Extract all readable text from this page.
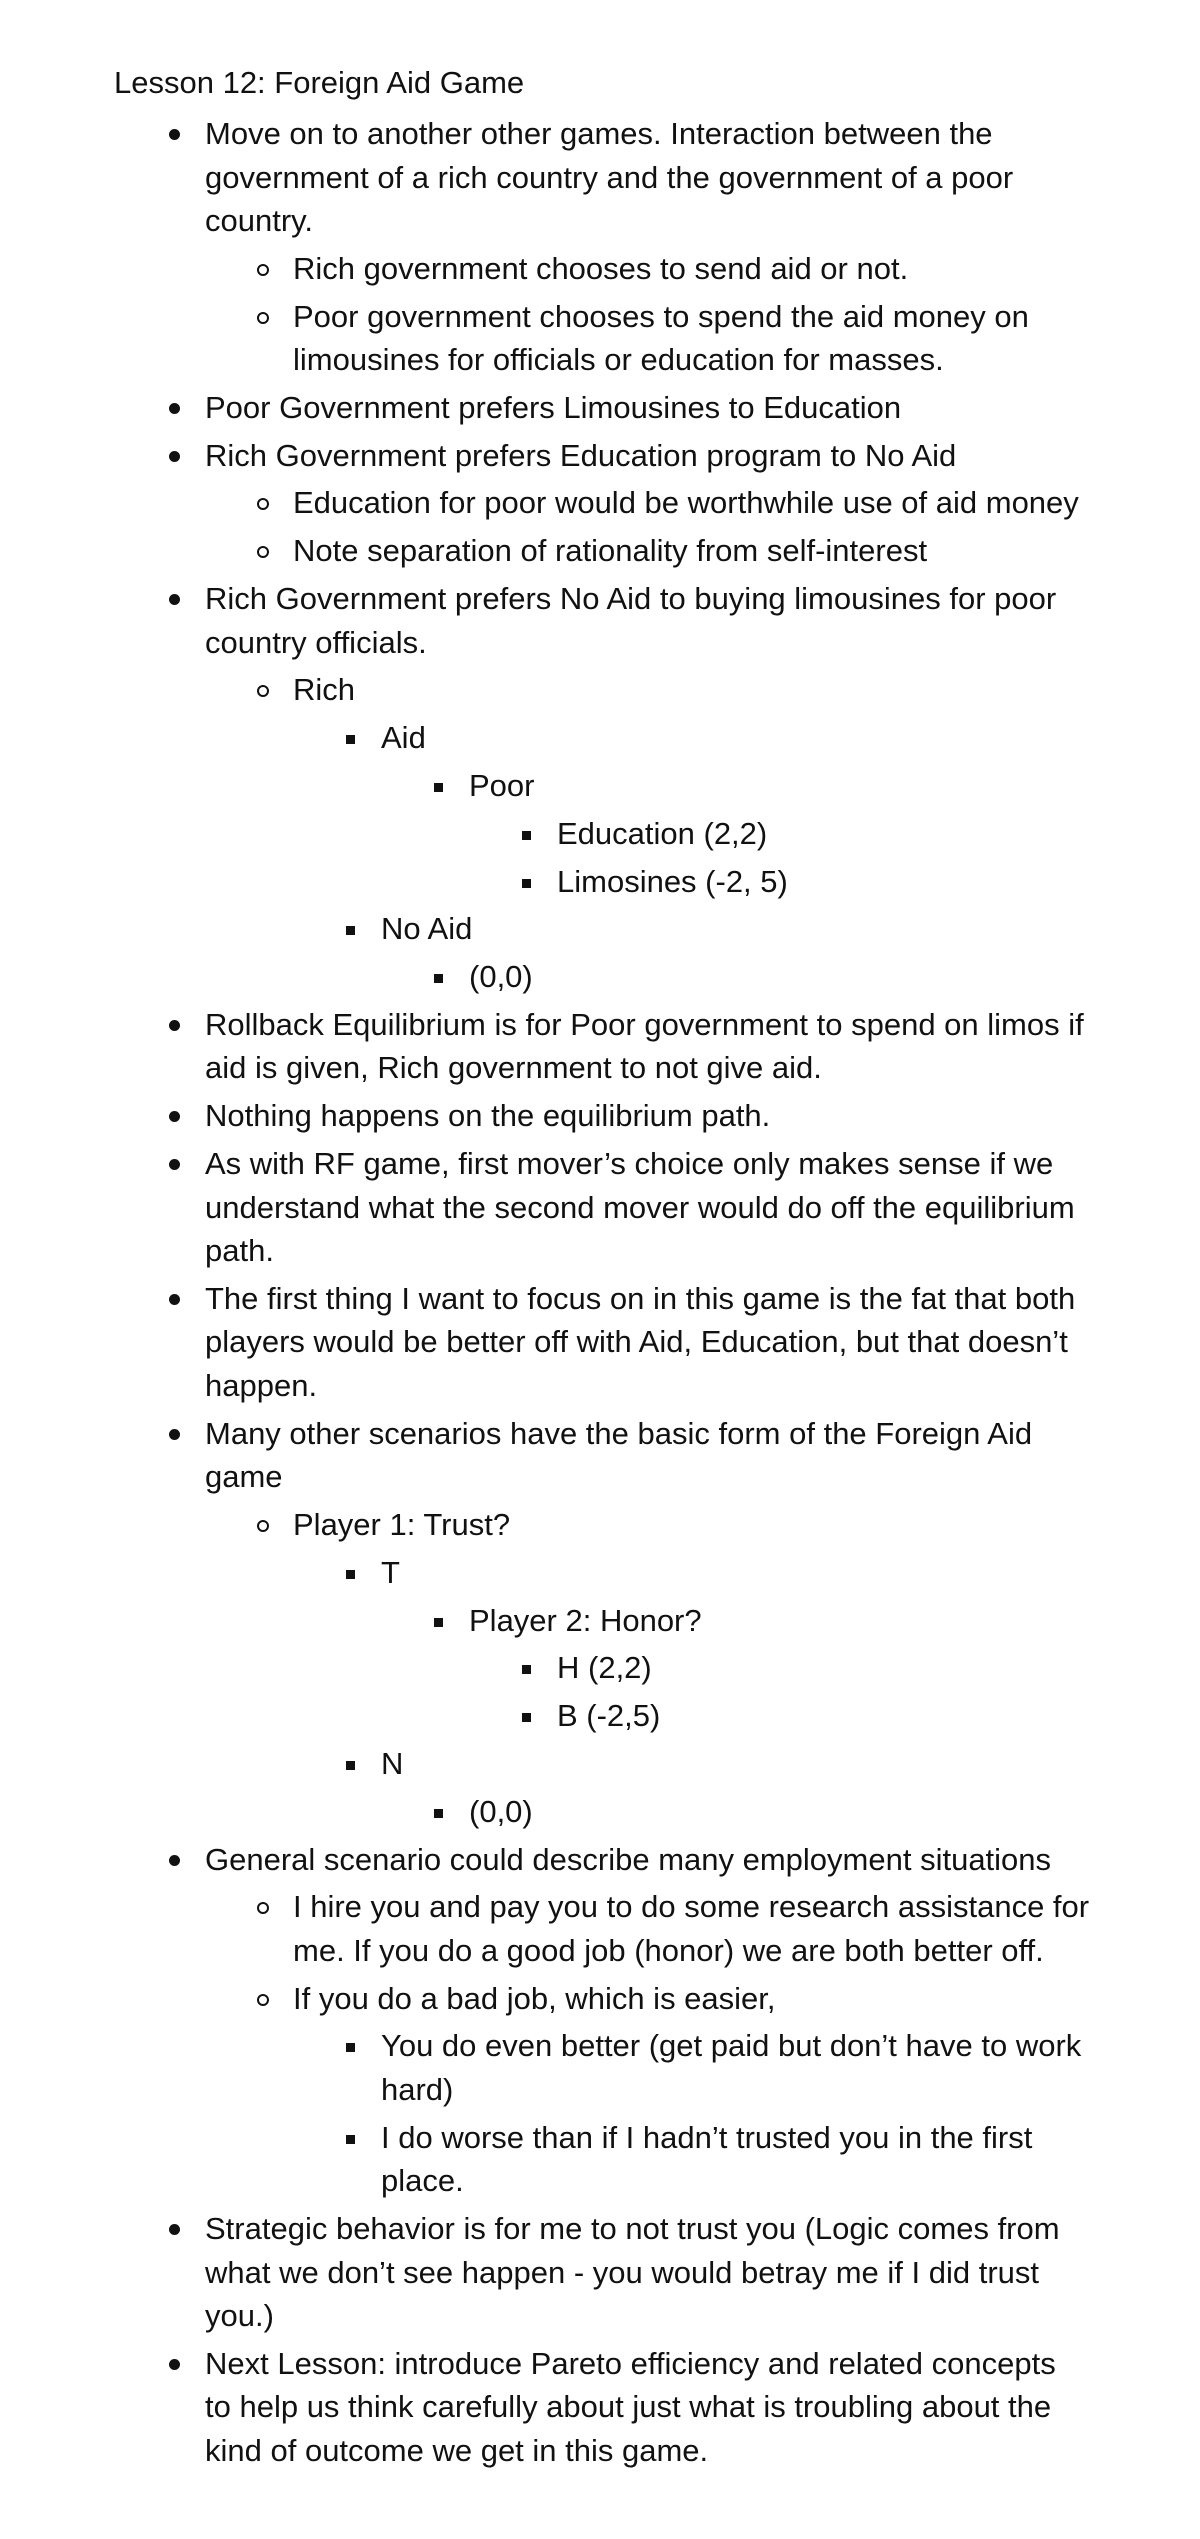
Lesson 12: Foreign Aid Game
Move on to another other games. Interaction between the government of a rich country and the government of a poor country.
Rich government chooses to send aid or not.
Poor government chooses to spend the aid money on limousines for officials or education for masses.
Poor Government prefers Limousines to Education
Rich Government prefers Education program to No Aid
Education for poor would be worthwhile use of aid money
Note separation of rationality from self-interest
Rich Government prefers No Aid to buying limousines for poor country officials.
Rich
Aid
Poor
Education (2,2)
Limosines (-2, 5)
No Aid
(0,0)
Rollback Equilibrium is for Poor government to spend on limos if aid is given, Rich government to not give aid.
Nothing happens on the equilibrium path.
As with RF game, first mover’s choice only makes sense if we understand what the second mover would do off the equilibrium path.
The first thing I want to focus on in this game is the fat that both players would be better off with Aid, Education, but that doesn’t happen.
Many other scenarios have the basic form of the Foreign Aid game
Player 1: Trust?
T
Player 2: Honor?
H (2,2)
B (-2,5)
N
(0,0)
General scenario could describe many employment situations
I hire you and pay you to do some research assistance for me. If you do a good job (honor) we are both better off.
If you do a bad job, which is easier,
You do even better (get paid but don’t have to work hard)
I do worse than if I hadn’t trusted you in the first place.
Strategic behavior is for me to not trust you (Logic comes from what we don’t see happen - you would betray me if I did trust you.)
Next Lesson: introduce Pareto efficiency and related concepts to help us think carefully about just what is troubling about the kind of outcome we get in this game.
